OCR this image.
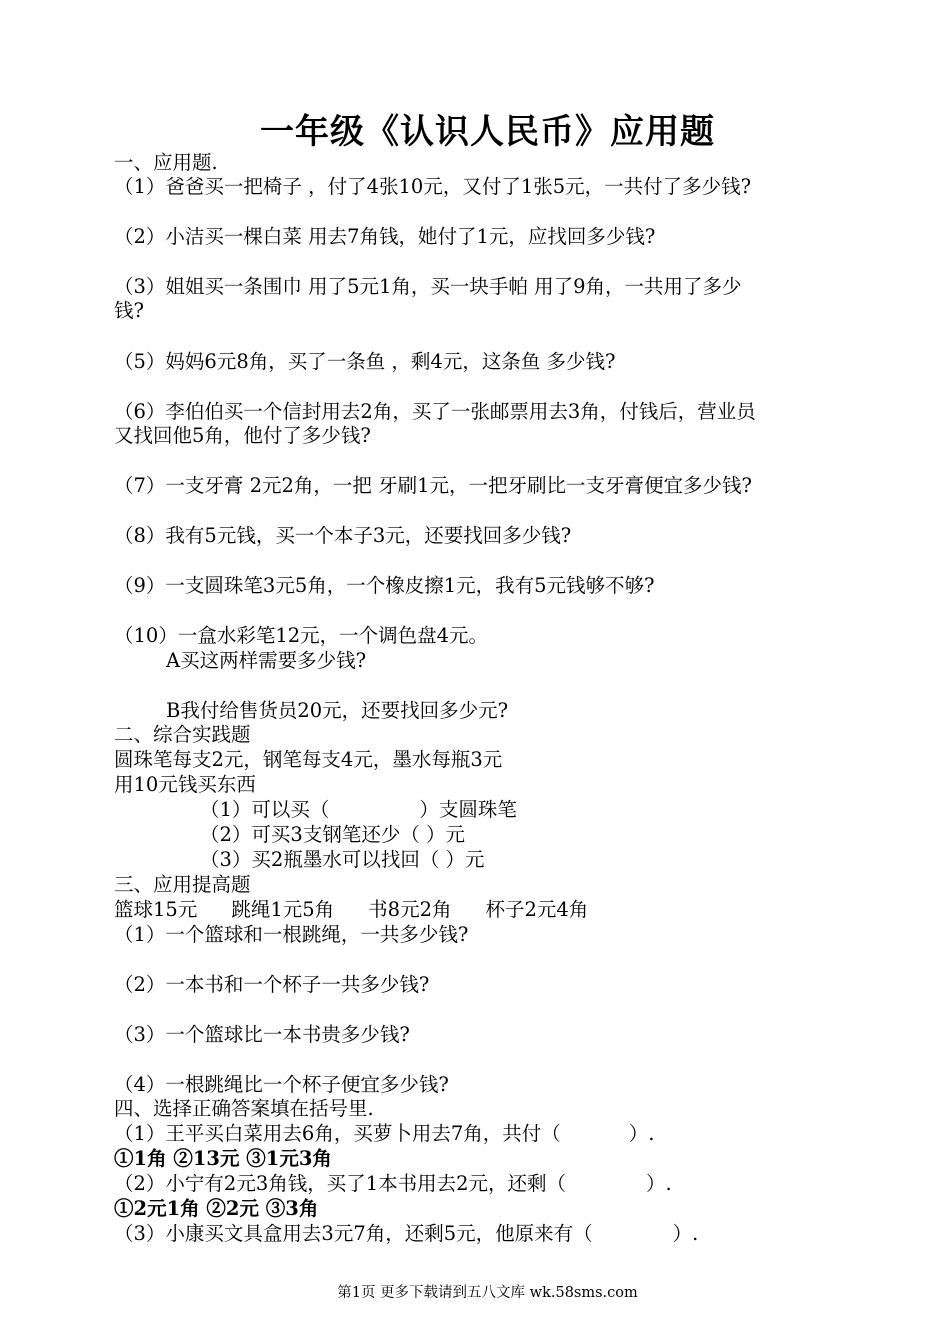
一年级《认识人民币》应用题
一、应用题.
（1）爸爸买一把椅子 ，付了4张10元，又付了1张5元，一共付了多少钱?
（2）小洁买一棵白菜 用去7角钱，她付了1元，应找回多少钱?
（3）姐姐买一条围巾 用了5元1角，买一块手帕 用了9角，一共用了多少
钱?
（5）妈妈6元8角，买了一条鱼 ，剩4元，这条鱼 多少钱?
（6）李伯伯买一个信封用去2角，买了一张邮票用去3角，付钱后，营业员
又找回他5角，他付了多少钱?
（7）一支牙膏 2元2角，一把 牙刷1元，一把牙刷比一支牙膏便宜多少钱?
（8）我有5元钱，买一个本子3元，还要找回多少钱?
（9）一支圆珠笔3元5角，一个橡皮擦1元，我有5元钱够不够?
（10）一盒水彩笔12元，一个调色盘4元。
A买这两样需要多少钱?
B我付给售货员20元，还要找回多少元?
二、综合实践题
圆珠笔每支2元，钢笔每支4元，墨水每瓶3元
用10元钱买东西
（1）可以买（	）支圆珠笔
（2）可买3支钢笔还少（ ）元
（3）买2瓶墨水可以找回（ ）元
三、应用提高题
篮球15元 跳绳1元5角 书8元2角 杯子2元4角
（1）一个篮球和一根跳绳，一共多少钱?
（2）一本书和一个杯子一共多少钱?
（3）一个篮球比一本书贵多少钱?
（4）一根跳绳比一个杯子便宜多少钱?
四、选择正确答案填在括号里.
（1）王平买白菜用去6角，买萝卜用去7角，共付（	）.
①1角 ②13元 ③1元3角
（2）小宁有2元3角钱，买了1本书用去2元，还剩（	）.
①2元1角 ②2元 ③3角
（3）小康买文具盒用去3元7角，还剩5元，他原来有（	）.
第1页 更多下载请到五八文库 wk.58sms.com
